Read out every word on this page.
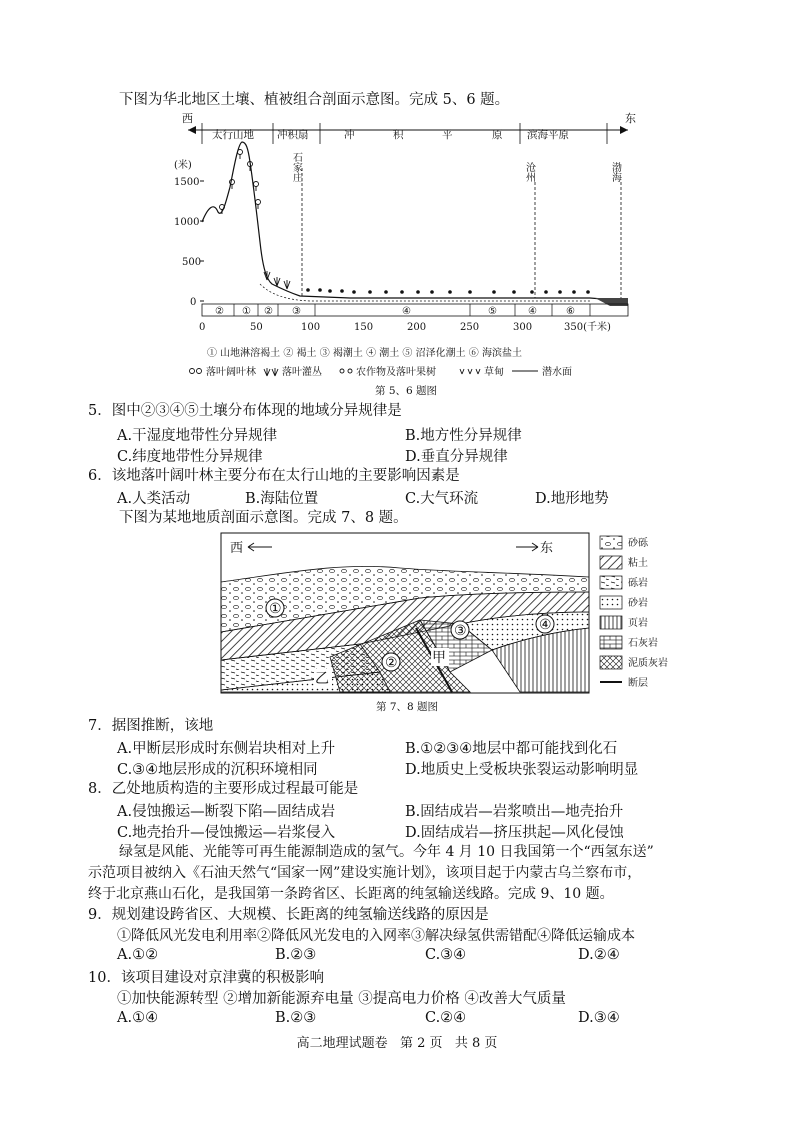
下图为华北地区土壤、植被组合剖面示意图。完成 5、6 题。
西	东
太行山地 冲积扇	冲	积	平	原 滨海平原
(米)
1500
1000
500
0
石家庄	沧州	渤海
② ① ② ③	④	⑤	④	⑥
0	50	100	150	200	250	300	350(千米)
① 山地淋溶褐土 ② 褐土 ③ 褐潮土 ④ 潮土 ⑤ 沼泽化潮土 ⑥ 海滨盐土
落叶阔叶林	落叶灌丛	农作物及落叶果树	草甸	潜水面
第 5、6 题图
5．图中②③④⑤土壤分布体现的地域分异规律是
A.干湿度地带性分异规律	B.地方性分异规律
C.纬度地带性分异规律	D.垂直分异规律
6．该地落叶阔叶林主要分布在太行山地的主要影响因素是
A.人类活动	B.海陆位置	C.大气环流	D.地形地势
下图为某地地质剖面示意图。完成 7、8 题。
西	东
①
②
③	④
甲
乙
砂砾
粘土
砾岩
砂岩
页岩
石灰岩
泥质灰岩
断层
第 7、8 题图
7．据图推断，该地
A.甲断层形成时东侧岩块相对上升	B.①②③④地层中都可能找到化石
C.③④地层形成的沉积环境相同	D.地质史上受板块张裂运动影响明显
8．乙处地质构造的主要形成过程最可能是
A.侵蚀搬运—断裂下陷—固结成岩	B.固结成岩—岩浆喷出—地壳抬升
C.地壳抬升—侵蚀搬运—岩浆侵入	D.固结成岩—挤压拱起—风化侵蚀
绿氢是风能、光能等可再生能源制造成的氢气。今年 4 月 10 日我国第一个“西氢东送”
示范项目被纳入《石油天然气“国家一网”建设实施计划》，该项目起于内蒙古乌兰察布市，
终于北京燕山石化，是我国第一条跨省区、长距离的纯氢输送线路。完成 9、10 题。
9．规划建设跨省区、大规模、长距离的纯氢输送线路的原因是
①降低风光发电利用率②降低风光发电的入网率③解决绿氢供需错配④降低运输成本
A.①②	B.②③	C.③④	D.②④
10．该项目建设对京津冀的积极影响
①加快能源转型 ②增加新能源弃电量 ③提高电力价格 ④改善大气质量
A.①④	B.②③	C.②④	D.③④
高二地理试题卷   第 2 页   共 8 页
